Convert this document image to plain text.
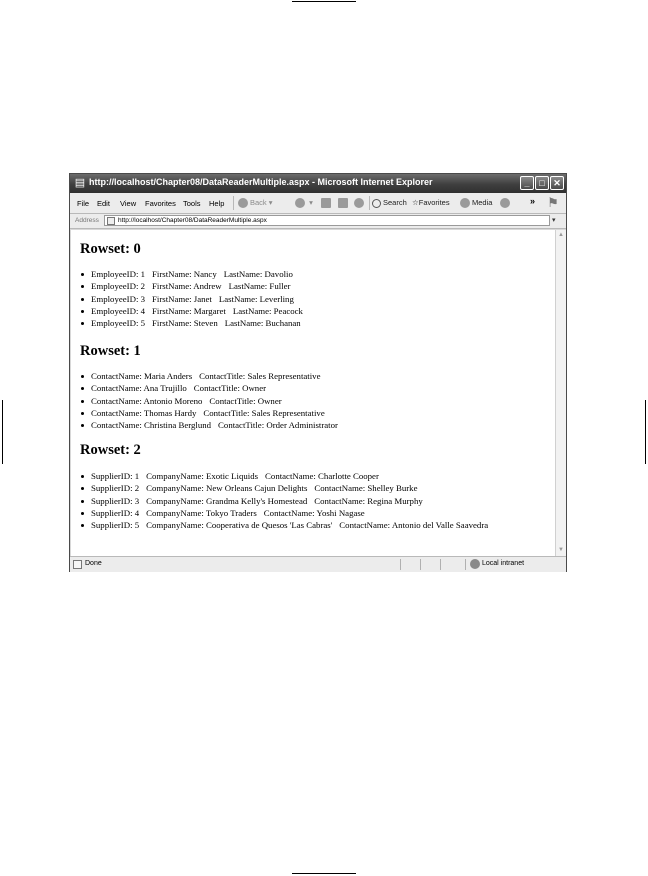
▤ http://localhost/Chapter08/DataReaderMultiple.aspx - Microsoft Internet Explorer	_	□ ✕
File Edit View Favorites Tools Help	Back ▾	▾	Search ☆Favorites	Media	» ⚑
Address	http://localhost/Chapter08/DataReaderMultiple.aspx	▾
Rowset: 0
EmployeeID: 1 FirstName: Nancy LastName: Davolio
EmployeeID: 2 FirstName: Andrew LastName: Fuller
EmployeeID: 3 FirstName: Janet LastName: Leverling
EmployeeID: 4 FirstName: Margaret LastName: Peacock
EmployeeID: 5 FirstName: Steven LastName: Buchanan
Rowset: 1
ContactName: Maria Anders ContactTitle: Sales Representative
ContactName: Ana Trujillo ContactTitle: Owner
ContactName: Antonio Moreno ContactTitle: Owner
ContactName: Thomas Hardy ContactTitle: Sales Representative
ContactName: Christina Berglund ContactTitle: Order Administrator
Rowset: 2
SupplierID: 1 CompanyName: Exotic Liquids ContactName: Charlotte Cooper
SupplierID: 2 CompanyName: New Orleans Cajun Delights ContactName: Shelley Burke
SupplierID: 3 CompanyName: Grandma Kelly's Homestead ContactName: Regina Murphy
SupplierID: 4 CompanyName: Tokyo Traders ContactName: Yoshi Nagase
SupplierID: 5 CompanyName: Cooperativa de Quesos 'Las Cabras' ContactName: Antonio del Valle Saavedra
▲
▼
Done	Local intranet
